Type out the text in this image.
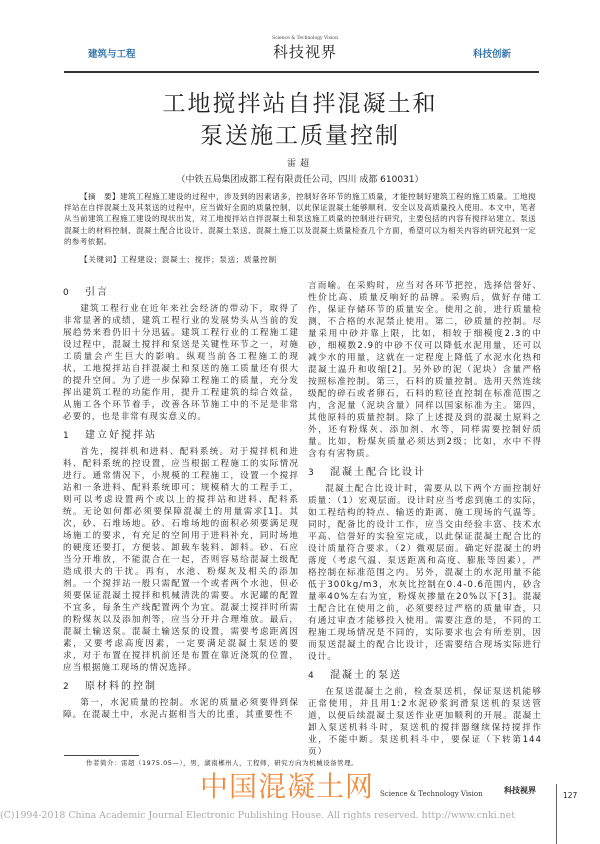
建筑与工程
Science & Technology Vision
科技视界	科技创新
工地搅拌站自拌混凝土和
泵送施工质量控制
雷超
（中铁五局集团成都工程有限责任公司，四川 成都 610031）
【摘　要】建筑工程施工建设的过程中，涉及到的因素诸多，控制好各环节的施工质量，才能控制好建筑工程的施工质量。工地搅拌站在自拌混凝土及其泵送的过程中，应当做好全面的质量控制，以此保证混凝土能够顺利、安全以及高质量投入使用。本文中，笔者从当前建筑工程施工建设的现状出发，对工地搅拌站自拌混凝土和泵送施工质量的控制进行研究，主要包括的内容有搅拌站建立、泵送混凝土的材料控制、混凝土配合比设计、混凝土泵送、混凝土施工以及混凝土质量检查几个方面，希望可以为相关内容的研究起到一定的参考依据。
【关键词】工程建设；混凝土；搅拌；泵送；质量控制
0 引言

建筑工程行业在近年来社会经济的带动下，取得了非常显著的成绩，建筑工程行业的发展势头从当前的发展趋势来看仍旧十分迅猛。建筑工程行业的工程施工建设过程中，混凝土搅拌和泵送是关键性环节之一，对施工质量会产生巨大的影响。纵观当前各工程施工的现状，工地搅拌站自拌混凝土和泵送的施工质量还有很大的提升空间。为了进一步保障工程施工的质量，充分发挥出建筑工程的功能作用，提升工程建筑的综合效益，从施工各个环节着手，改善各环节施工中的不足是非常必要的，也是非常有现实意义的。

1 建立好搅拌站

首先，搅拌机和进料、配料系统。对于搅拌机和进料、配料系统的控设置，应当根据工程施工的实际情况进行。通常情况下，小规模的工程施工，设置一个搅拌站和一条进料、配料系统即可；规模稍大的工程手工，则可以考虑设置两个或以上的搅拌站和进料、配料系统。无论如何都必须要保障混凝土的用量需求[1]。其次，砂、石堆场地。砂、石堆场地的面积必须要满足现场施工的要求，有充足的空间用于进料补充，同时场地的硬度还要打，方便装、卸载车装料、卸料。砂、石应当分开堆放，不能混合在一起，否则容易给混凝土级配造成很大的干扰。再有，水池、粉煤灰及相关的添加剂。一个搅拌站一般只需配置一个或者两个水池，但必须要保证混凝土搅拌和机械清洗的需要。水泥罐的配置不宜多，每条生产线配置两个为宜。混凝土搅拌时所需的粉煤灰以及添加剂等，应当分开并合理堆放。最后，混凝土输送泵。混凝土输送泵的设置，需要考虑距离因素，又要考虑高度因素，一定要满足混凝土泵送的要求，对于布置在搅拌机前还是布置在靠近浇筑的位置，应当根据施工现场的情况选择。

2 原材料的控制

第一，水泥质量的控制。水泥的质量必须要得到保障。在混凝土中，水泥占据相当大的比重，其重要性不

言而喻。在采购时，应当对各环节把控，选择信誉好、性价比高、质量反响好的品牌。采购后，做好存储工作，保证存储环节的质量安全。使用之前，进行质量检测，不合格的水泥禁止使用。第二，砂质量的控制。尽量采用中砂并靠上限，比如，相较于细模度2.3的中砂，细模数2.9的中砂不仅可以降低水泥用量，还可以减少水的用量，这就在一定程度上降低了水泥水化热和混凝土温升和收缩[2]。另外砂的泥（泥块）含量严格按照标准控制。第三，石料的质量控制。选用天然连续级配的碎石或者卵石，石料的粒径直控制在标准范围之内，含泥量（泥块含量）同样以国家标准为主。第四，其他原料的质量控制。除了上述提及到的混凝土原料之外，还有粉煤灰、添加剂、水等，同样需要控制好质量。比如，粉煤灰质量必须达到2级；比如，水中不得含有有害物质。

3 混凝土配合比设计

混凝土配合比设计时，需要从以下两个方面控制好质量：（1）宏观层面。设计时应当考虑到施工的实际，如工程结构的特点、输送的距离、施工现场的气温等。同时，配备比的设计工作，应当交由经验丰富、技术水平高、信誉好的实验室完成，以此保证混凝土配合比的设计质量符合要求。（2）微观层面。确定好混凝土的坍落度（考虑气温、泵送距离和高度、膨胀等因素），严格控制在标准范围之内。另外，混凝土的水泥用量不能低于300kg/m3，水灰比控制在0.4-0.6范围内，砂含量率40%左右为宜，粉煤灰掺量在20%以下[3]。混凝土配合比在使用之前，必须要经过严格的质量审查，只有通过审查才能够投入使用。需要注意的是，不同的工程施工现场情况是不同的，实际要求也会有所差别，因而泵送混凝土的配合比设计，还需要结合现场实际进行设计。

4 混凝土的泵送

在泵送混凝土之前，检查泵送机，保证泵送机能够正常使用，并且用1:2水泥砂浆润滑泵送机的泵送管道，以便后续混凝土泵送作业更加顺利的开展。混凝土卸入泵送机料斗时，泵送机的搅拌器继续保持搅拌作业，不能中断。泵送机料斗中，要保证（下转第144页）

作者简介：雷超（1975.05—），男，湖南郴州人，工程师，研究方向为机械设备管理。
中国混凝土网 Science & Technology Vision	科技视界
127
(C)1994-2018 China Academic Journal Electronic Publishing House. All rights reserved. http://www.cnki.net
